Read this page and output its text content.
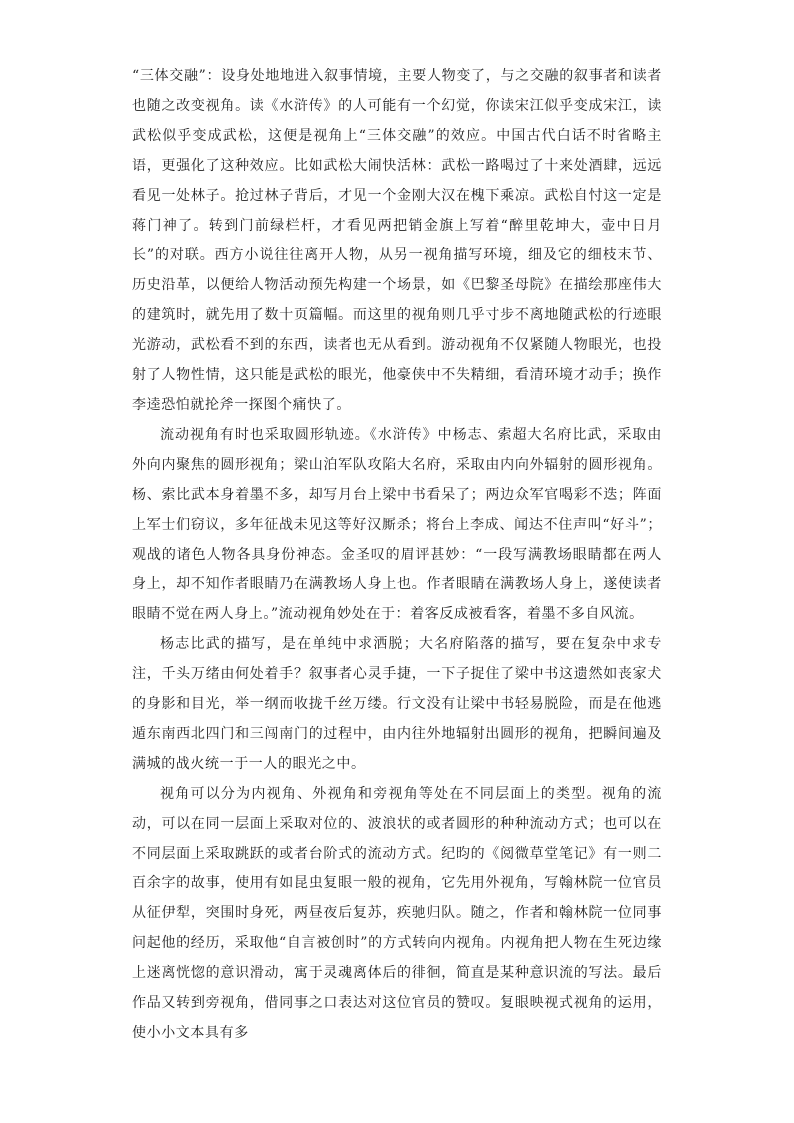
“三体交融”：设身处地地进入叙事情境，主要人物变了，与之交融的叙事者和读者也随之改变视角。读《水浒传》的人可能有一个幻觉，你读宋江似乎变成宋江，读武松似乎变成武松，这便是视角上“三体交融”的效应。中国古代白话不时省略主语，更强化了这种效应。比如武松大闹快活林：武松一路喝过了十来处酒肆，远远看见一处林子。抢过林子背后，才见一个金刚大汉在槐下乘凉。武松自忖这一定是蒋门神了。转到门前绿栏杆，才看见两把销金旗上写着“醉里乾坤大，壶中日月长”的对联。西方小说往往离开人物，从另一视角描写环境，细及它的细枝末节、历史沿革，以便给人物活动预先构建一个场景，如《巴黎圣母院》在描绘那座伟大的建筑时，就先用了数十页篇幅。而这里的视角则几乎寸步不离地随武松的行迹眼光游动，武松看不到的东西，读者也无从看到。游动视角不仅紧随人物眼光，也投射了人物性情，这只能是武松的眼光，他豪侠中不失精细，看清环境才动手；换作李逵恐怕就抡斧一探图个痛快了。

流动视角有时也采取圆形轨迹。《水浒传》中杨志、索超大名府比武，采取由外向内聚焦的圆形视角；梁山泊军队攻陷大名府，采取由内向外辐射的圆形视角。杨、索比武本身着墨不多，却写月台上梁中书看呆了；两边众军官喝彩不迭；阵面上军士们窃议，多年征战未见这等好汉厮杀；将台上李成、闻达不住声叫“好斗”；观战的诸色人物各具身份神态。金圣叹的眉评甚妙：“一段写满教场眼睛都在两人身上，却不知作者眼睛乃在满教场人身上也。作者眼睛在满教场人身上，遂使读者眼睛不觉在两人身上。”流动视角妙处在于：着客反成被看客，着墨不多自风流。

杨志比武的描写，是在单纯中求洒脱；大名府陷落的描写，要在复杂中求专注，千头万绪由何处着手？叙事者心灵手捷，一下子捉住了梁中书这遗然如丧家犬的身影和目光，举一纲而收拢千丝万缕。行文没有让梁中书轻易脱险，而是在他逃遁东南西北四门和三闯南门的过程中，由内往外地辐射出圆形的视角，把瞬间遍及满城的战火统一于一人的眼光之中。

视角可以分为内视角、外视角和旁视角等处在不同层面上的类型。视角的流动，可以在同一层面上采取对位的、波浪状的或者圆形的种种流动方式；也可以在不同层面上采取跳跃的或者台阶式的流动方式。纪昀的《阅微草堂笔记》有一则二百余字的故事，使用有如昆虫复眼一般的视角，它先用外视角，写翰林院一位官员从征伊犁，突围时身死，两昼夜后复苏，疾驰归队。随之，作者和翰林院一位同事问起他的经历，采取他“自言被创时”的方式转向内视角。内视角把人物在生死边缘上迷离恍惚的意识滑动，寓于灵魂离体后的徘徊，简直是某种意识流的写法。最后作品又转到旁视角，借同事之口表达对这位官员的赞叹。复眼映视式视角的运用，使小小文本具有多
